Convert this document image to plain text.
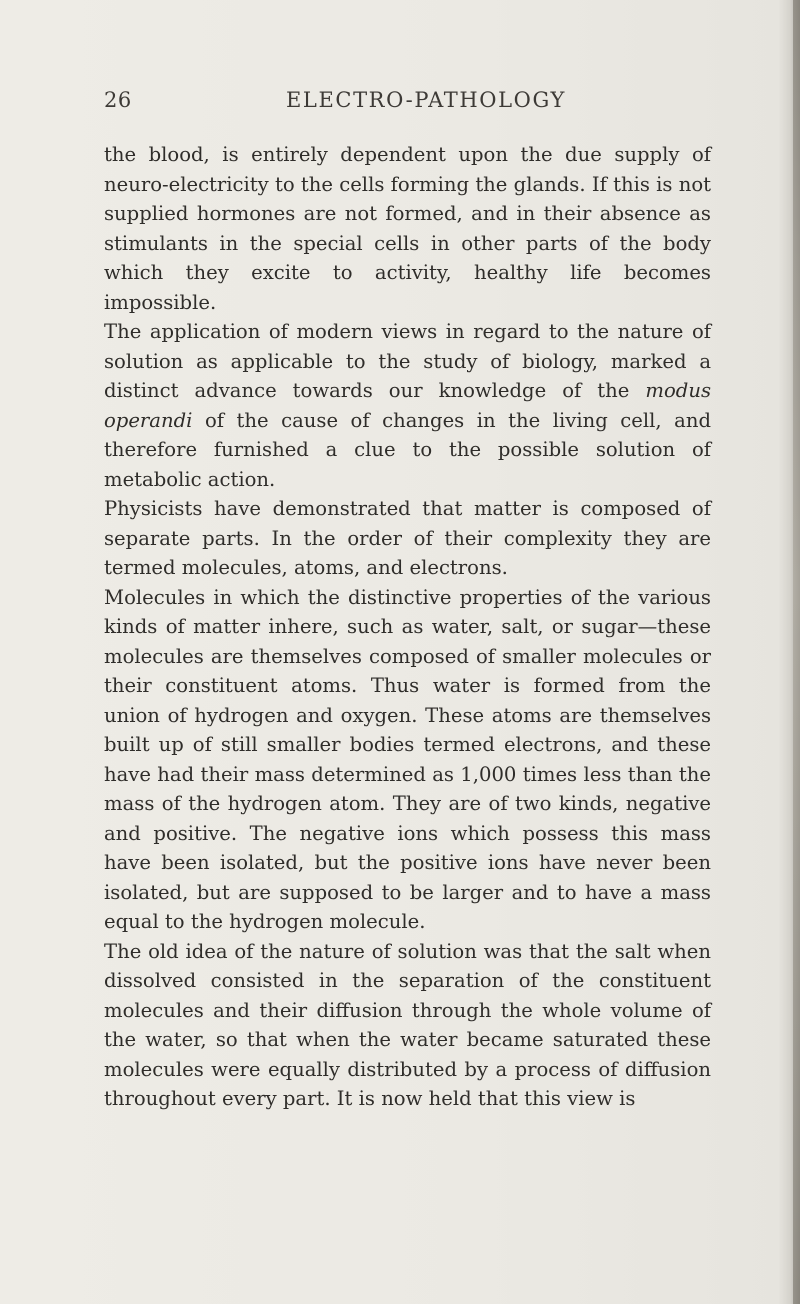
26	ELECTRO-PATHOLOGY

the blood, is entirely dependent upon the due supply of neuro-electricity to the cells forming the glands. If this is not supplied hormones are not formed, and in their absence as stimulants in the special cells in other parts of the body which they excite to activity, healthy life becomes impossible.

The application of modern views in regard to the nature of solution as applicable to the study of biology, marked a distinct advance towards our knowledge of the modus operandi of the cause of changes in the living cell, and therefore furnished a clue to the possible solution of metabolic action.

Physicists have demonstrated that matter is composed of separate parts. In the order of their complexity they are termed molecules, atoms, and electrons.

Molecules in which the distinctive properties of the various kinds of matter inhere, such as water, salt, or sugar—these molecules are themselves composed of smaller molecules or their constituent atoms. Thus water is formed from the union of hydrogen and oxygen. These atoms are themselves built up of still smaller bodies termed electrons, and these have had their mass determined as 1,000 times less than the mass of the hydrogen atom. They are of two kinds, negative and positive. The negative ions which possess this mass have been isolated, but the positive ions have never been isolated, but are supposed to be larger and to have a mass equal to the hydrogen molecule.

The old idea of the nature of solution was that the salt when dissolved consisted in the separation of the constituent molecules and their diffusion through the whole volume of the water, so that when the water became saturated these molecules were equally distributed by a process of diffusion throughout every part. It is now held that this view is
